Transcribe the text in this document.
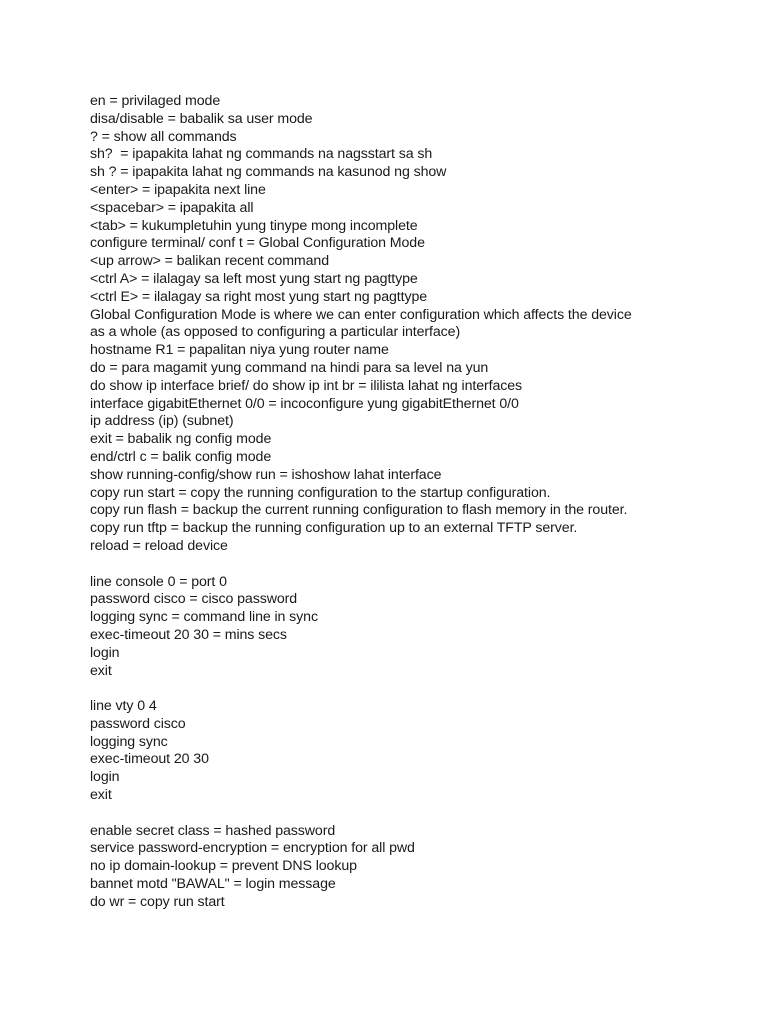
en = privilaged mode
disa/disable = babalik sa user mode
? = show all commands
sh?  = ipapakita lahat ng commands na nagsstart sa sh
sh ? = ipapakita lahat ng commands na kasunod ng show
<enter> = ipapakita next line
<spacebar> = ipapakita all
<tab> = kukumpletuhin yung tinype mong incomplete
configure terminal/ conf t = Global Configuration Mode
<up arrow> = balikan recent command
<ctrl A> = ilalagay sa left most yung start ng pagttype
<ctrl E> = ilalagay sa right most yung start ng pagttype
Global Configuration Mode is where we can enter configuration which affects the device
as a whole (as opposed to configuring a particular interface)
hostname R1 = papalitan niya yung router name
do = para magamit yung command na hindi para sa level na yun
do show ip interface brief/ do show ip int br = ililista lahat ng interfaces
interface gigabitEthernet 0/0 = incoconfigure yung gigabitEthernet 0/0
ip address (ip) (subnet)
exit = babalik ng config mode
end/ctrl c = balik config mode
show running-config/show run = ishoshow lahat interface
copy run start = copy the running configuration to the startup configuration.
copy run flash = backup the current running configuration to flash memory in the router.
copy run tftp = backup the running configuration up to an external TFTP server.
reload = reload device
line console 0 = port 0
password cisco = cisco password
logging sync = command line in sync
exec-timeout 20 30 = mins secs
login
exit
line vty 0 4
password cisco
logging sync
exec-timeout 20 30
login
exit
enable secret class = hashed password
service password-encryption = encryption for all pwd
no ip domain-lookup = prevent DNS lookup
bannet motd "BAWAL" = login message
do wr = copy run start
